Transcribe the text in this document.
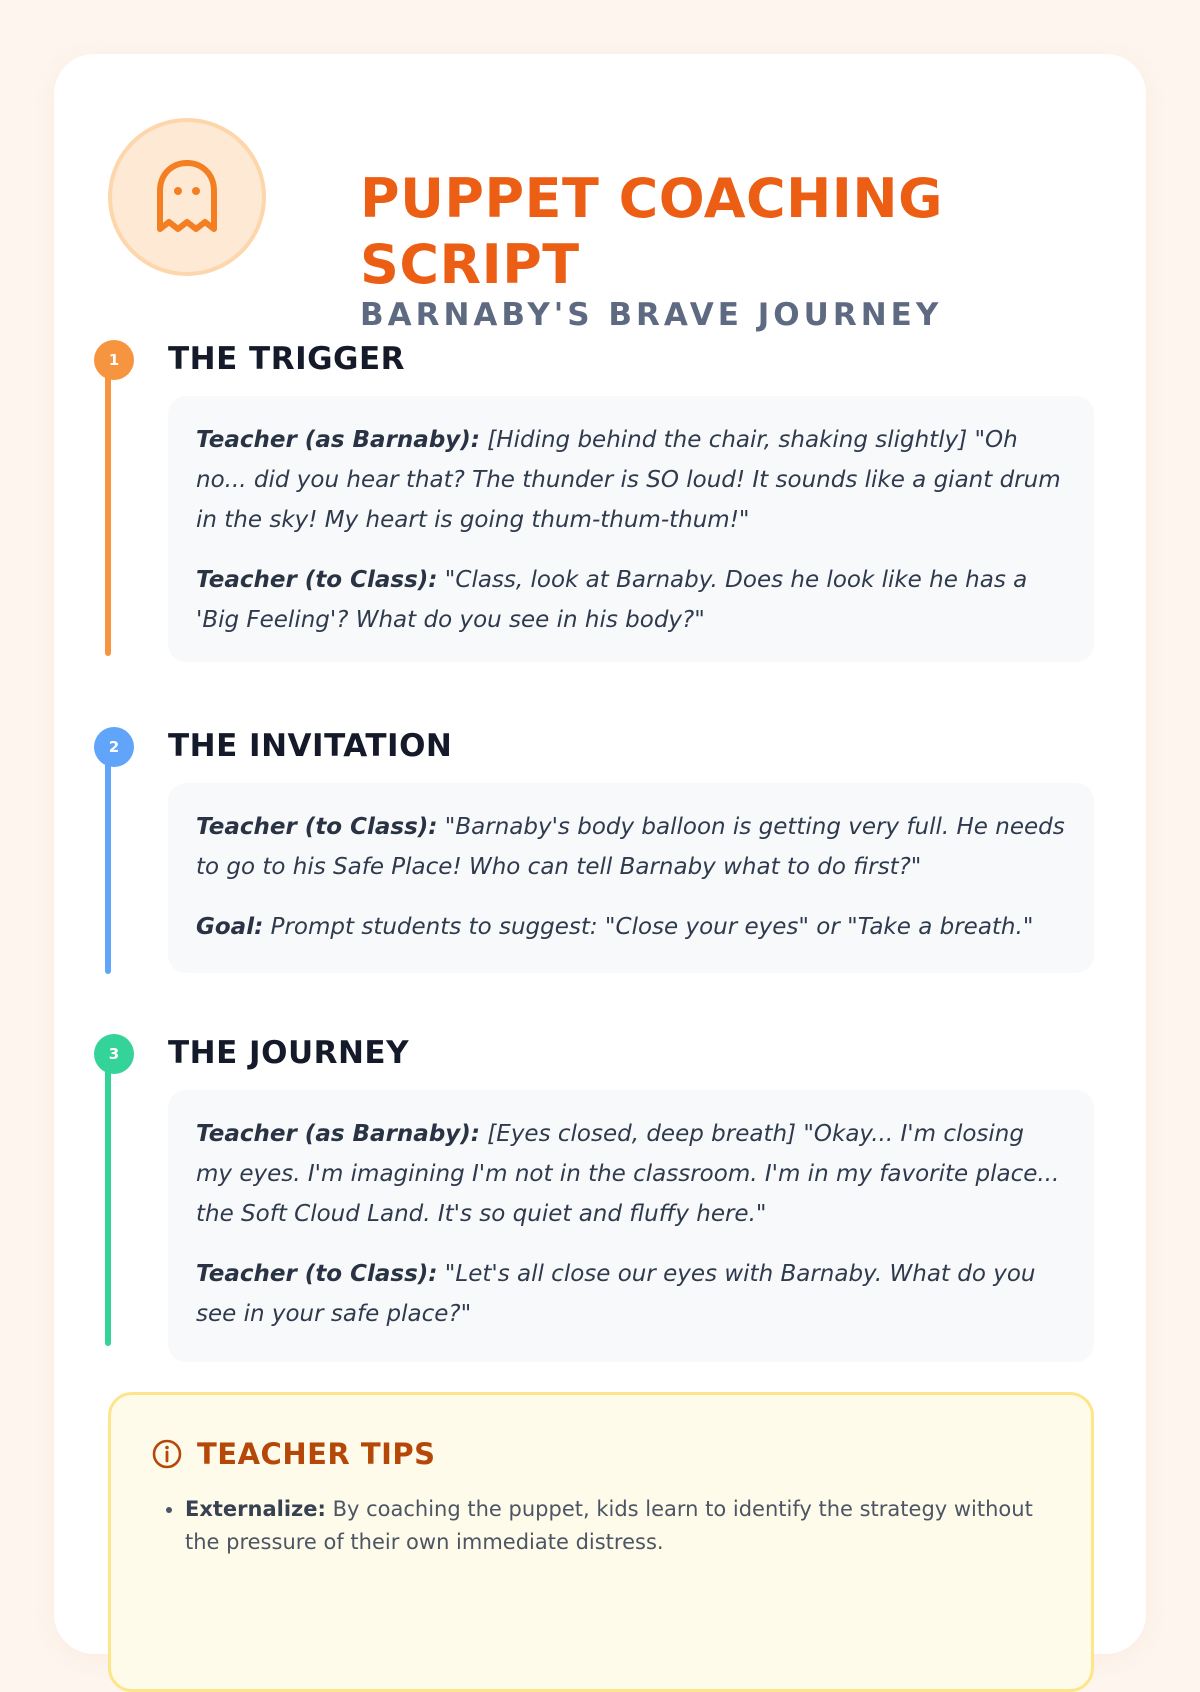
PUPPET COACHING SCRIPT
BARNABY'S BRAVE JOURNEY
1	THE TRIGGER

Teacher (as Barnaby): [Hiding behind the chair, shaking slightly] "Oh no... did you hear that? The thunder is SO loud! It sounds like a giant drum in the sky! My heart is going thum-thum-thum!"

Teacher (to Class): "Class, look at Barnaby. Does he look like he has a 'Big Feeling'? What do you see in his body?"

2	THE INVITATION

Teacher (to Class): "Barnaby's body balloon is getting very full. He needs to go to his Safe Place! Who can tell Barnaby what to do first?"

Goal: Prompt students to suggest: "Close your eyes" or "Take a breath."

3	THE JOURNEY

Teacher (as Barnaby): [Eyes closed, deep breath] "Okay... I'm closing my eyes. I'm imagining I'm not in the classroom. I'm in my favorite place... the Soft Cloud Land. It's so quiet and fluffy here."

Teacher (to Class): "Let's all close our eyes with Barnaby. What do you see in your safe place?"

TEACHER TIPS
• Externalize: By coaching the puppet, kids learn to identify the strategy without the pressure of their own immediate distress.
